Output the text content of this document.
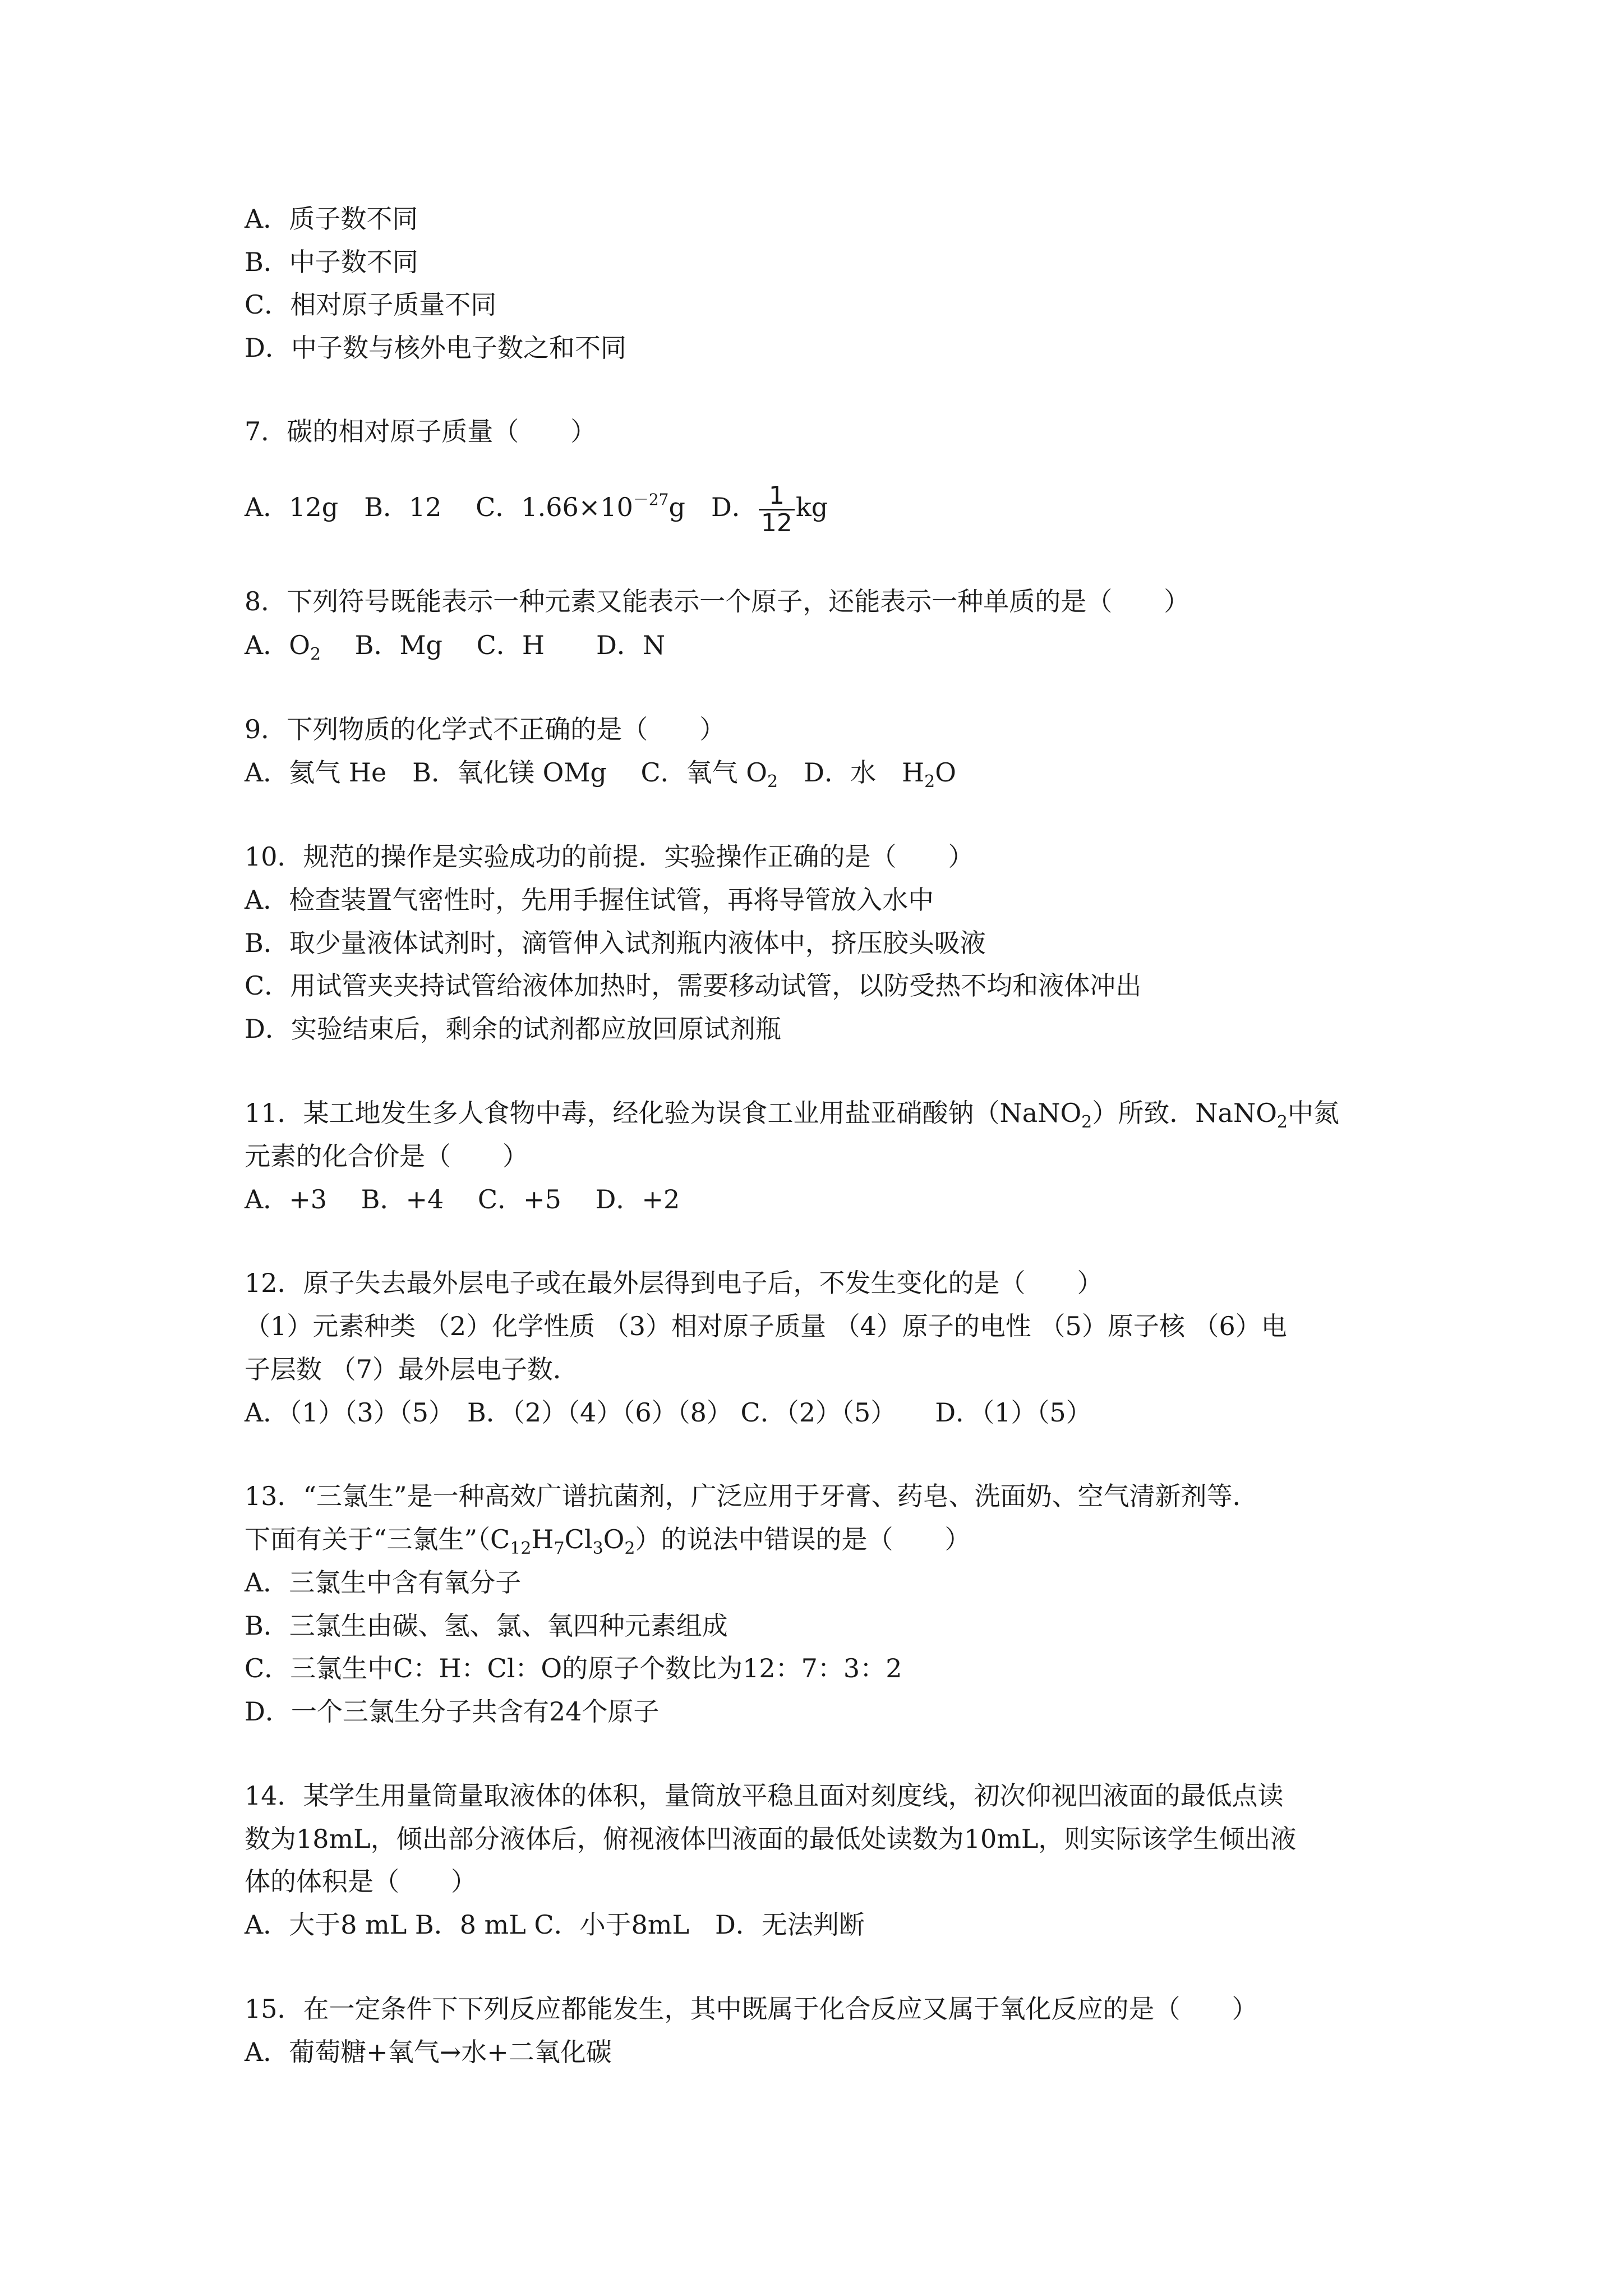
A．质子数不同
B．中子数不同
C．相对原子质量不同
D．中子数与核外电子数之和不同
7．碳的相对原子质量（　　）
A．12g　B．12　 C．$1.66\times 10^{-27}g$　D． $\frac{1}{12}$ kg
8．下列符号既能表示一种元素又能表示一个原子，还能表示一种单质的是（　　）
A．$O_2$　 B．Mg　 C．H　　D．N
9．下列物质的化学式不正确的是（　　）
A．氦气 He　B．氧化镁 OMg　 C．氧气 $O_2$　D．水　$H_2O$
10．规范的操作是实验成功的前提．实验操作正确的是（　　）
A．检查装置气密性时，先用手握住试管，再将导管放入水中
B．取少量液体试剂时，滴管伸入试剂瓶内液体中，挤压胶头吸液
C．用试管夹夹持试管给液体加热时，需要移动试管，以防受热不均和液体冲出
D．实验结束后，剩余的试剂都应放回原试剂瓶
11．某工地发生多人食物中毒，经化验为误食工业用盐亚硝酸钠（NaNO$_2$）所致．NaNO$_2$中氮
元素的化合价是（　　）
A．+3　 B．+4　 C．+5　 D．+2
12．原子失去最外层电子或在最外层得到电子后，不发生变化的是（　　）
（1）元素种类 （2）化学性质 （3）相对原子质量 （4）原子的电性 （5）原子核 （6）电
子层数 （7）最外层电子数．
A．（1）（3）（5）　B．（2）（4）（6）（8） C．（2）（5）　　D．（1）（5）
13．“三氯生”是一种高效广谱抗菌剂，广泛应用于牙膏、药皂、洗面奶、空气清新剂等．
下面有关于“三氯生$”(C_{12}H_7Cl_3O_2)$的说法中错误的是（　　）
A．三氯生中含有氧分子
B．三氯生由碳、氢、氯、氧四种元素组成
C．三氯生中C：H：Cl：O的原子个数比为12：7：3：2
D．一个三氯生分子共含有24个原子
14．某学生用量筒量取液体的体积，量筒放平稳且面对刻度线，初次仰视凹液面的最低点读
数为18mL，倾出部分液体后，俯视液体凹液面的最低处读数为10mL，则实际该学生倾出液
体的体积是（　　）
A．大于8 mL B．8 mL C．小于8mL　D．无法判断
15．在一定条件下下列反应都能发生，其中既属于化合反应又属于氧化反应的是（　　）
A．葡萄糖+氧气→水+二氧化碳
